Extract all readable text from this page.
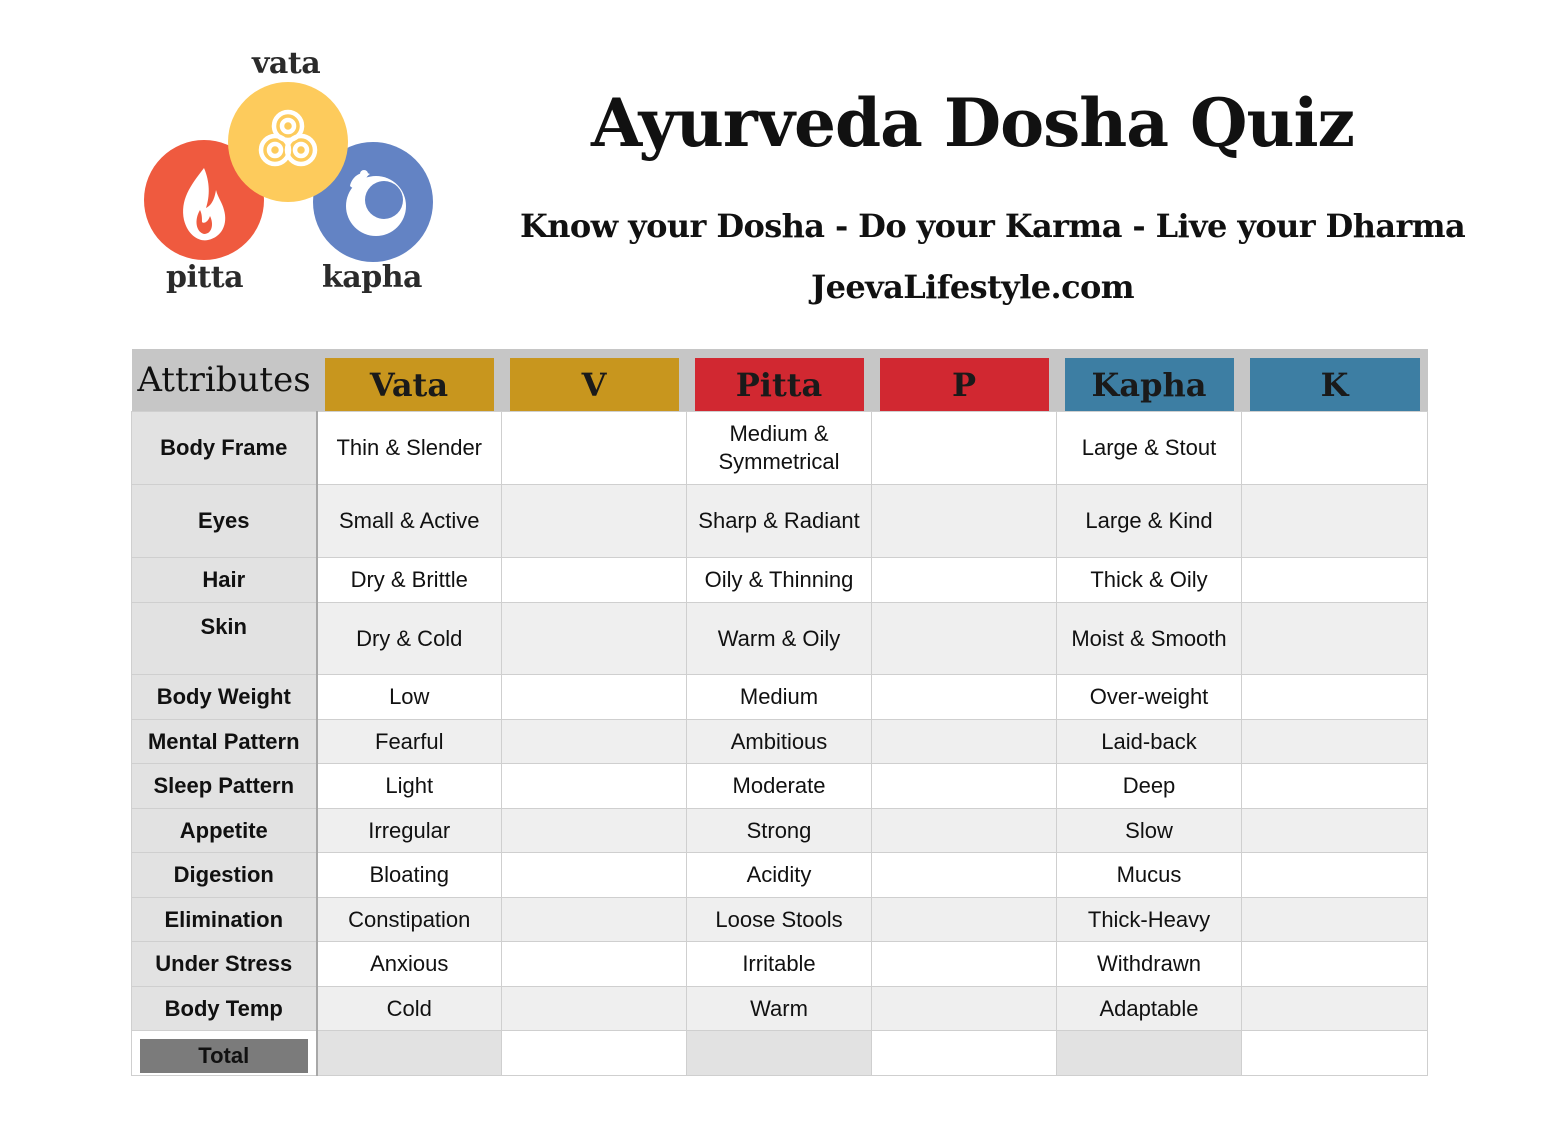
vata
pitta	kapha
Ayurveda Dosha Quiz
Know your Dosha - Do your Karma - Live your Dharma
JeevaLifestyle.com
Attributes	Vata	V	Pitta	P	Kapha	K

Body Frame	Thin & Slender		Medium & Symmetrical		Large & Stout	
Eyes	Small & Active		Sharp & Radiant		Large & Kind	
Hair	Dry & Brittle		Oily & Thinning		Thick & Oily	
Skin	Dry & Cold		Warm & Oily		Moist & Smooth	
Body Weight	Low		Medium		Over-weight	
Mental Pattern	Fearful		Ambitious		Laid-back	
Sleep Pattern	Light		Moderate		Deep	
Appetite	Irregular		Strong		Slow	
Digestion	Bloating		Acidity		Mucus	
Elimination	Constipation		Loose Stools		Thick-Heavy	
Under Stress	Anxious		Irritable		Withdrawn	
Body Temp	Cold		Warm		Adaptable	

Total						
